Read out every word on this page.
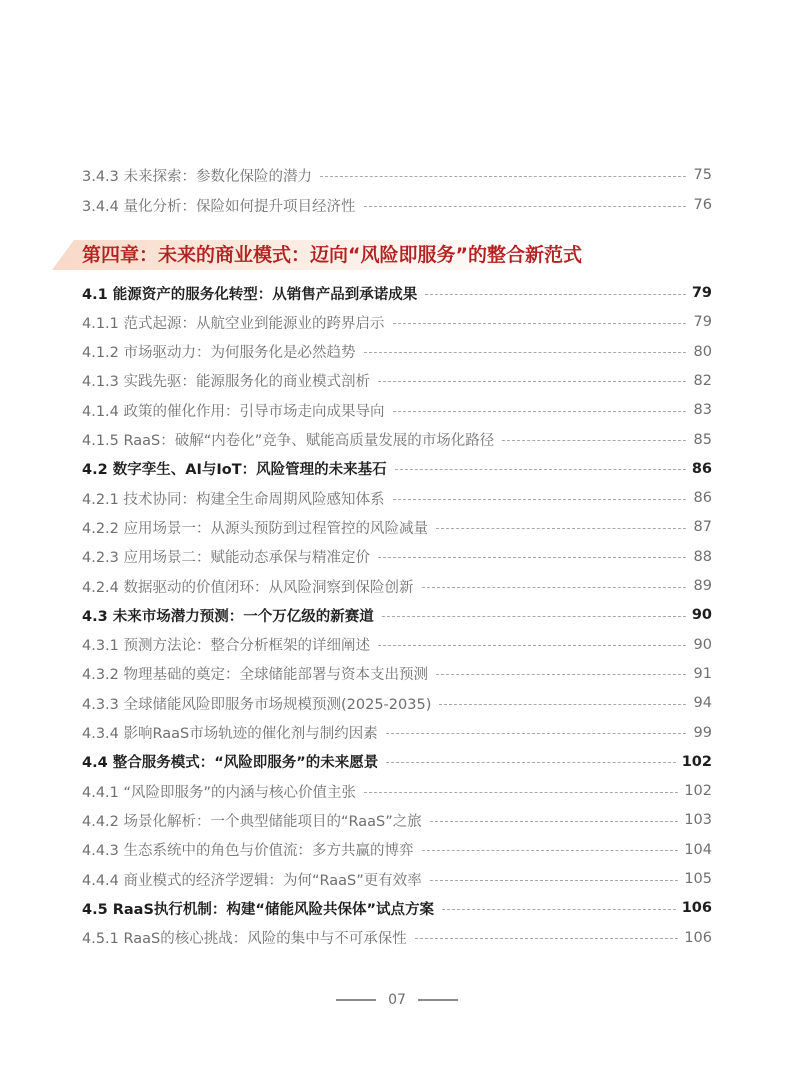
3.4.3 未来探索：参数化保险的潜力	75
3.4.4 量化分析：保险如何提升项目经济性	76
第四章：未来的商业模式：迈向“风险即服务”的整合新范式
4.1 能源资产的服务化转型：从销售产品到承诺成果	79
4.1.1 范式起源：从航空业到能源业的跨界启示	79
4.1.2 市场驱动力：为何服务化是必然趋势	80
4.1.3 实践先驱：能源服务化的商业模式剖析	82
4.1.4 政策的催化作用：引导市场走向成果导向	83
4.1.5 RaaS：破解“内卷化”竞争、赋能高质量发展的市场化路径	85
4.2 数字孪生、AI与IoT：风险管理的未来基石	86
4.2.1 技术协同：构建全生命周期风险感知体系	86
4.2.2 应用场景一：从源头预防到过程管控的风险减量	87
4.2.3 应用场景二：赋能动态承保与精准定价	88
4.2.4 数据驱动的价值闭环：从风险洞察到保险创新	89
4.3 未来市场潜力预测：一个万亿级的新赛道	90
4.3.1 预测方法论：整合分析框架的详细阐述	90
4.3.2 物理基础的奠定：全球储能部署与资本支出预测	91
4.3.3 全球储能风险即服务市场规模预测(2025-2035)	94
4.3.4 影响RaaS市场轨迹的催化剂与制约因素	99
4.4 整合服务模式：“风险即服务”的未来愿景	102
4.4.1 “风险即服务”的内涵与核心价值主张	102
4.4.2 场景化解析：一个典型储能项目的“RaaS”之旅	103
4.4.3 生态系统中的角色与价值流：多方共赢的博弈	104
4.4.4 商业模式的经济学逻辑：为何“RaaS”更有效率	105
4.5 RaaS执行机制：构建“储能风险共保体”试点方案	106
4.5.1 RaaS的核心挑战：风险的集中与不可承保性	106
07
